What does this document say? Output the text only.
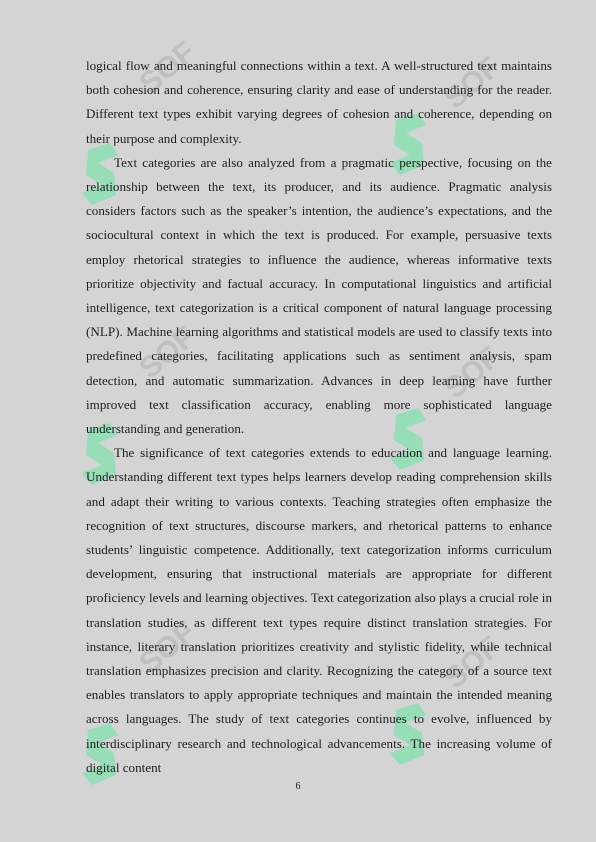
SOF	SOF
SOF	SOF
SOF	SOF

logical flow and meaningful connections within a text. A well-structured text maintains both cohesion and coherence, ensuring clarity and ease of understanding for the reader. Different text types exhibit varying degrees of cohesion and coherence, depending on their purpose and complexity.

Text categories are also analyzed from a pragmatic perspective, focusing on the relationship between the text, its producer, and its audience. Pragmatic analysis considers factors such as the speaker’s intention, the audience’s expectations, and the sociocultural context in which the text is produced. For example, persuasive texts employ rhetorical strategies to influence the audience, whereas informative texts prioritize objectivity and factual accuracy. In computational linguistics and artificial intelligence, text categorization is a critical component of natural language processing (NLP). Machine learning algorithms and statistical models are used to classify texts into predefined categories, facilitating applications such as sentiment analysis, spam detection, and automatic summarization. Advances in deep learning have further improved text classification accuracy, enabling more sophisticated language understanding and generation.

The significance of text categories extends to education and language learning. Understanding different text types helps learners develop reading comprehension skills and adapt their writing to various contexts. Teaching strategies often emphasize the recognition of text structures, discourse markers, and rhetorical patterns to enhance students’ linguistic competence. Additionally, text categorization informs curriculum development, ensuring that instructional materials are appropriate for different proficiency levels and learning objectives. Text categorization also plays a crucial role in translation studies, as different text types require distinct translation strategies. For instance, literary translation prioritizes creativity and stylistic fidelity, while technical translation emphasizes precision and clarity. Recognizing the category of a source text enables translators to apply appropriate techniques and maintain the intended meaning across languages. The study of text categories continues to evolve, influenced by interdisciplinary research and technological advancements. The increasing volume of digital content

6
